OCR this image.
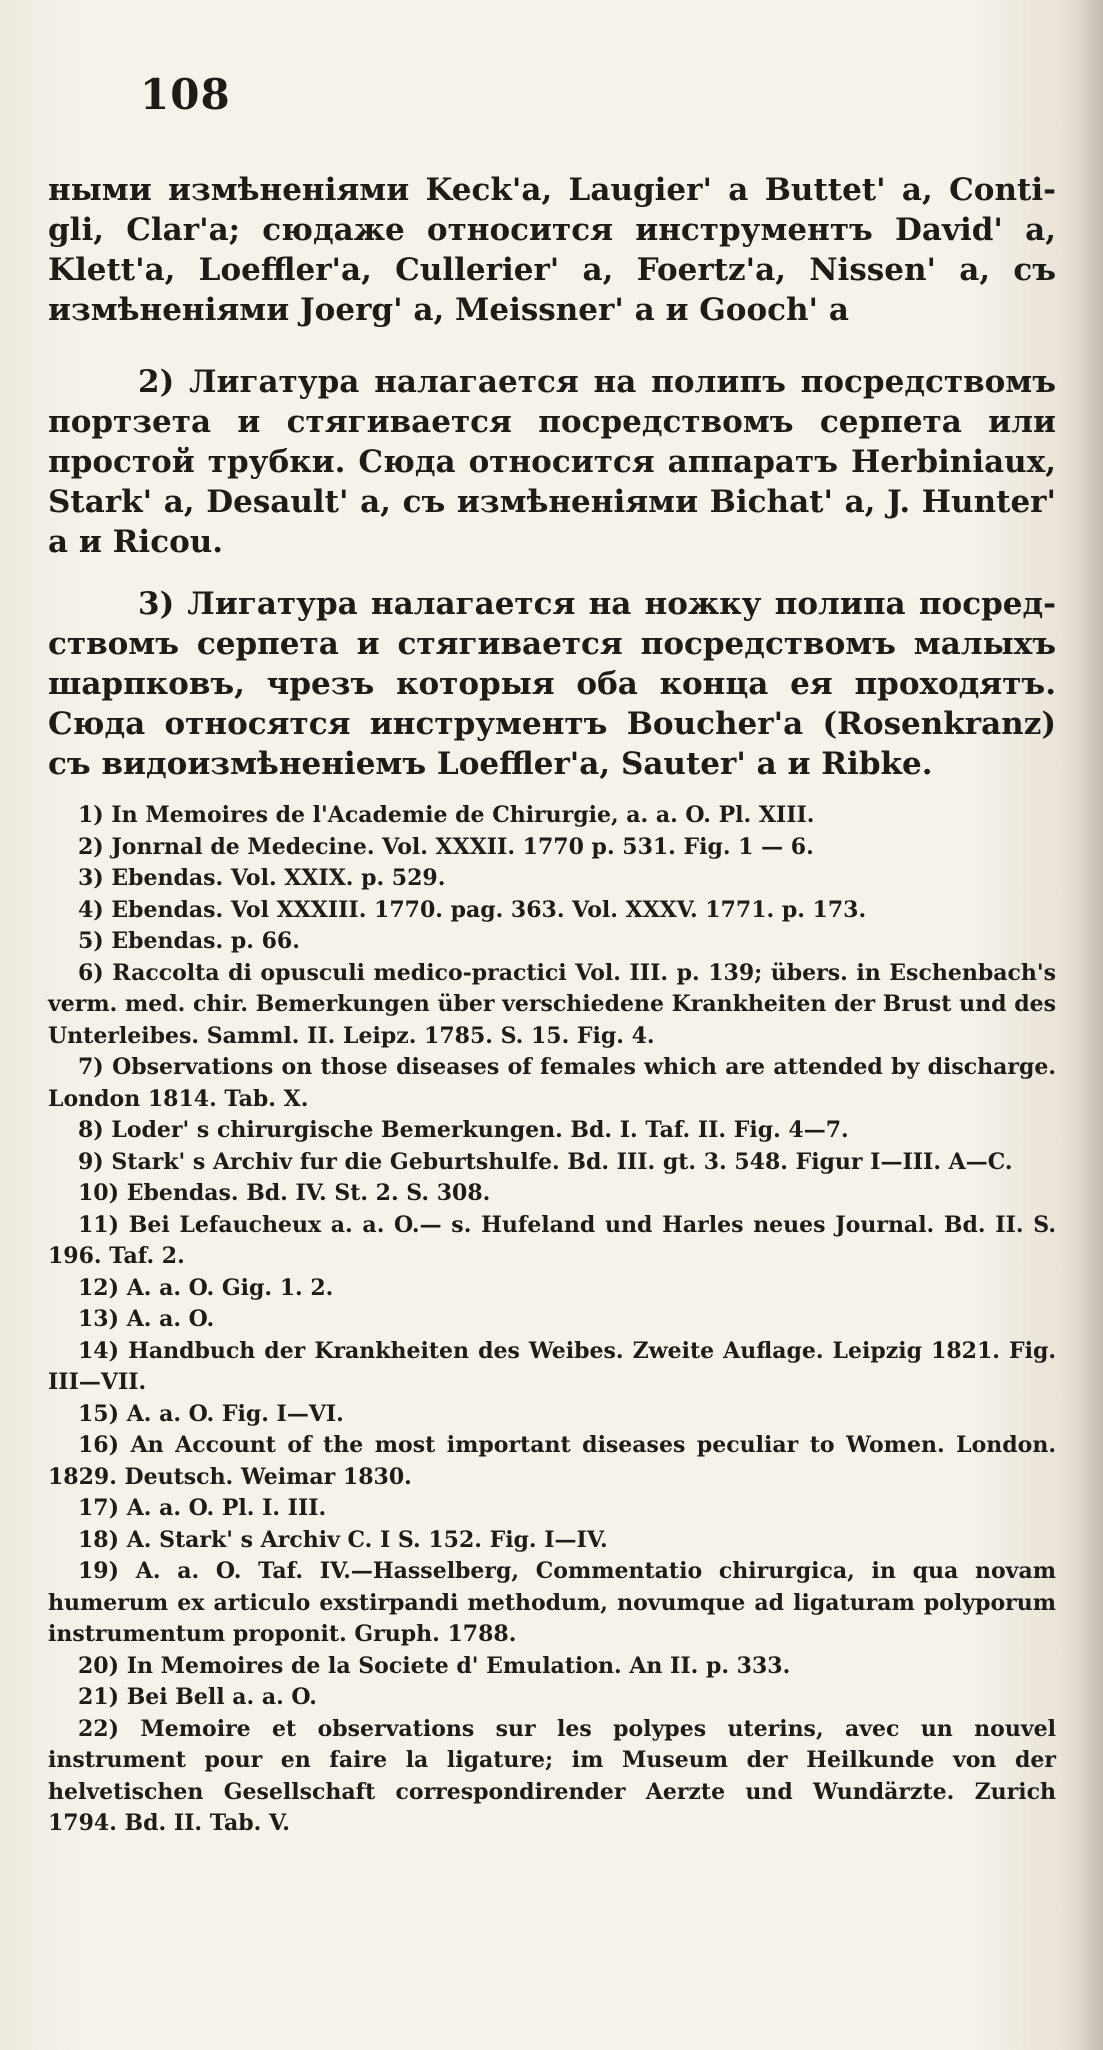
108
ными измѣненіями Keck'а, Laugier' а Buttet' а, Contigli, Clar'а; сюдаже относится инструментъ David' а, Klett'а, Loeffler'а, Cullerier' а, Foertz'а, Nissen' а, съ измѣненіями Joerg' а, Meissner' а и Gooch' а
2) Лигатура налагается на полипъ посредствомъ портзета и стягивается посредствомъ серпета или простой трубки. Сюда относится аппаратъ Herbiniaux, Stark' а, Desault' а, съ измѣненіями Bichat' а, J. Hunter' а и Ricou.
3) Лигатура налагается на ножку полипа посредствомъ серпета и стягивается посредствомъ малыхъ шарпковъ, чрезъ которыя оба конца ея проходятъ. Сюда относятся инструментъ Boucher'а (Rosenkranz) съ видоизмѣненіемъ Loeffler'а, Sauter' а и Ribke.
1) In Memoires de l'Academie de Chirurgie, a. a. O. Pl. XIII.
2) Jonrnal de Medecine. Vol. XXXII. 1770 p. 531. Fig. 1 — 6.
3) Ebendas. Vol. XXIX. p. 529.
4) Ebendas. Vol XXXIII. 1770. pag. 363. Vol. XXXV. 1771. p. 173.
5) Ebendas. p. 66.
6) Raccolta di opusculi medico-practici Vol. III. p. 139; übers. in Eschenbach's verm. med. chir. Bemerkungen über verschiedene Krankheiten der Brust und des Unterleibes. Samml. II. Leipz. 1785. S. 15. Fig. 4.
7) Observations on those diseases of females which are attended by discharge. London 1814. Tab. X.
8) Loder' s chirurgische Bemerkungen. Bd. I. Taf. II. Fig. 4—7.
9) Stark' s Archiv fur die Geburtshulfe. Bd. III. gt. 3. 548. Figur I—III. A—C.
10) Ebendas. Bd. IV. St. 2. S. 308.
11) Bei Lefaucheux a. a. O.— s. Hufeland und Harles neues Journal. Bd. II. S. 196. Taf. 2.
12) A. a. O. Gig. 1. 2.
13) A. a. O.
14) Handbuch der Krankheiten des Weibes. Zweite Auflage. Leipzig 1821. Fig. III—VII.
15) A. a. O. Fig. I—VI.
16) An Account of the most important diseases peculiar to Women. London. 1829. Deutsch. Weimar 1830.
17) A. a. O. Pl. I. III.
18) A. Stark' s Archiv C. I S. 152. Fig. I—IV.
19) A. a. O. Taf. IV.—Hasselberg, Commentatio chirurgica, in qua novam humerum ex articulo exstirpandi methodum, novumque ad ligaturam polyporum instrumentum proponit. Gruph. 1788.
20) In Memoires de la Societe d' Emulation. An II. p. 333.
21) Bei Bell a. a. O.
22) Memoire et observations sur les polypes uterins, avec un nouvel instrument pour en faire la ligature; im Museum der Heilkunde von der helvetischen Gesellschaft correspondirender Aerzte und Wundärzte. Zurich 1794. Bd. II. Tab. V.
